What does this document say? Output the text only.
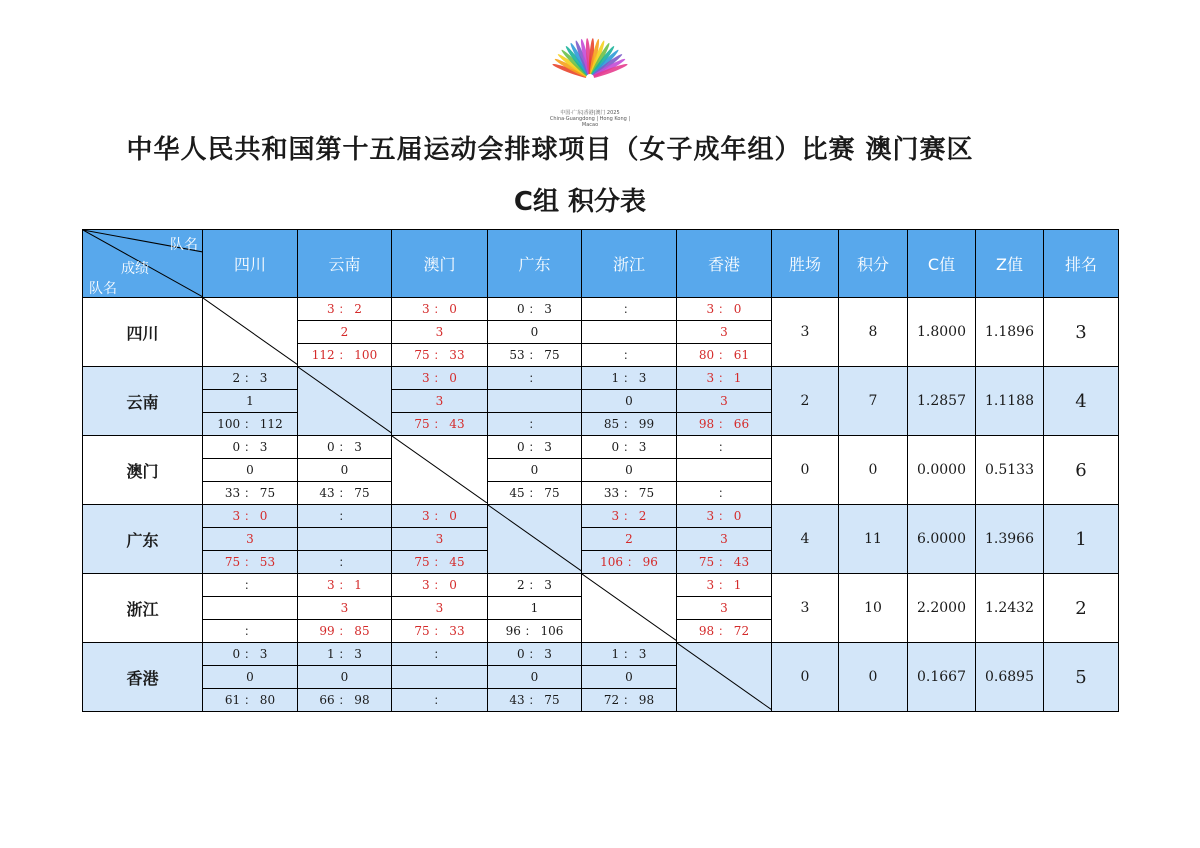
中国·广东|香港|澳门 2025
China·Guangdong | Hong Kong | Macao
中华人民共和国第十五届运动会排球项目（女子成年组）比赛 澳门赛区
C组 积分表
队名
成绩
队名	四川	云南	澳门	广东	浙江	香港	胜场	积分	C值	Z值	排名
四川		3 ： 2	3 ： 0	0 ： 3	：	3 ： 0	3	8	1.8000	1.1896	3
		2	3	0		3					
		112 ： 100	75 ： 33	53 ： 75	：	80 ： 61					
云南	2 ： 3		3 ： 0	：	1 ： 3	3 ： 1	2	7	1.2857	1.1188	4
	1		3		0	3					
	100 ： 112		75 ： 43	：	85 ： 99	98 ： 66					
澳门	0 ： 3	0 ： 3		0 ： 3	0 ： 3	：	0	0	0.0000	0.5133	6
	0	0		0	0						
	33 ： 75	43 ： 75		45 ： 75	33 ： 75	：					
广东	3 ： 0	：	3 ： 0		3 ： 2	3 ： 0	4	11	6.0000	1.3966	1
	3		3		2	3					
	75 ： 53	：	75 ： 45		106 ： 96	75 ： 43					
浙江	：	3 ： 1	3 ： 0	2 ： 3		3 ： 1	3	10	2.2000	1.2432	2
		3	3	1		3					
	：	99 ： 85	75 ： 33	96 ： 106		98 ： 72					
香港	0 ： 3	1 ： 3	：	0 ： 3	1 ： 3		0	0	0.1667	0.6895	5
	0	0		0	0						
	61 ： 80	66 ： 98	：	43 ： 75	72 ： 98						
